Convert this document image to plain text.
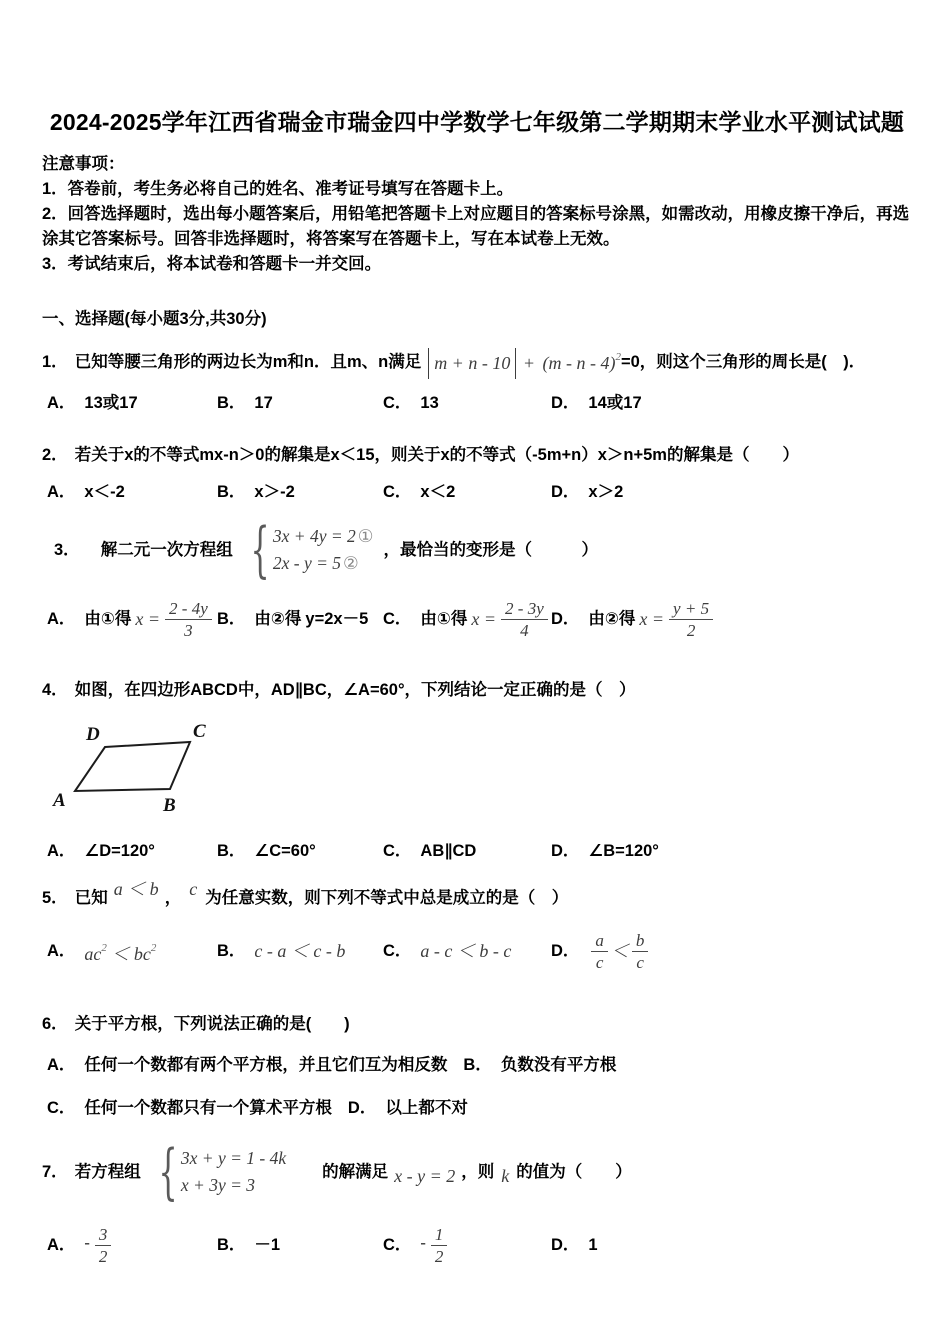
2024-2025学年江西省瑞金市瑞金四中学数学七年级第二学期期末学业水平测试试题
注意事项：

1．答卷前，考生务必将自己的姓名、准考证号填写在答题卡上。

2．回答选择题时，选出每小题答案后，用铅笔把答题卡上对应题目的答案标号涂黑，如需改动，用橡皮擦干净后，再选涂其它答案标号。回答非选择题时，将答案写在答题卡上，写在本试卷上无效。

3．考试结束后，将本试卷和答题卡一并交回。

一、选择题(每小题3分,共30分)
1． 已知等腰三角形的两边长为m和n．且m、n满足 m + n - 10 + (m - n - 4)$^2$ =0，则这个三角形的周长是(　)．
A． 13或17	B． 17	C． 13	D． 14或17
2． 若关于x的不等式mx-n＞0的解集是x＜15，则关于x的不等式（-5m+n）x＞n+5m的解集是（　　）
A． x＜-2	B． x＞-2	C． x＜2	D． x＞2
3． 解二元一次方程组 { 3x + 4y = 2 ①
2x - y = 5 ②
，最恰当的变形是（　　　）
A． 由①得 $x = \frac{2 - 4y}{3}$ B． 由②得 y=2x－5 C． 由①得 $x = \frac{2 - 3y}{4}$ D． 由②得 $x = \frac{y + 5}{2}$
4． 如图，在四边形ABCD中，AD∥BC，∠A=60°，下列结论一定正确的是（　）
D	C
A	B
A． ∠D=120°	B． ∠C=60°	C． AB∥CD	D． ∠B=120°
5． 已知 a ＜ b ， c 为任意实数，则下列不等式中总是成立的是（　）
A． $ac^2 < bc^2$	B． c - a ＜ c - b C． a - c ＜ b - c D． $\frac{a}{c} < \frac{b}{c}$
6． 关于平方根，下列说法正确的是(　　)
A． 任何一个数都有两个平方根，并且它们互为相反数 B． 负数没有平方根
C． 任何一个数都只有一个算术平方根 D． 以上都不对
7． 若方程组 { 3x + y = 1 - 4k
x + 3y = 3
的解满足 x - y = 2 ，则 k 的值为（　　）
A． - $\frac{3}{2}$	B． －1	C． - $\frac{1}{2}$	D． 1
